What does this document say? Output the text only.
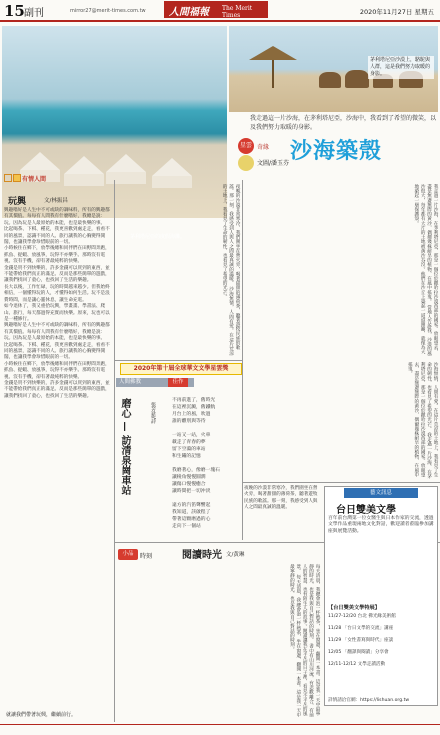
15 副刊	mirror27@merit-times.com.tw 人間福報 The Merit Times	2020年11月27日 星期五
茅利塔尼亞的度假海灘。
茅利塔尼亞沙漠上，駱駝與人群，這是我們努力取暖的身影。

我走過這一片沙海，在茅利塔尼亞，沙海中，我看到了希望的微笑，以及我們努力取暖的身影。

星雲 奇緣
文圖/潘玉芬 沙海築殼
我走過一片沙海，在茅利塔尼亞，那是一個位於撒哈拉沙漠西部的國家。放眼望去，盡是無邊無際的黃沙，偶爾幾株耐旱的植物，在風中搖曳。 當地人告訴我，沙漠的風沙很大，每年都有大片的土地被黃沙吞沒。他們在沙丘上築起一道道圍籬，就像為大地築起一層保護殼。
夜晚的沙漠非常寒冷，我們圍坐在營火旁，喝著甜甜的薄荷茶，聽著遊牧民族的歌謠。那一刻，我感受到人與人之間最真誠的溫暖。 沙海無情，人間有愛。在這片荒涼的土地上，我看見了生命的韌性，也看見了希望的光芒。
沙海無情，人間有愛。在這片荒涼的土地上，我看見了生命的韌性，也看見了希望的光芒。 我走過一片沙海，在茅利塔尼亞，那是一個位於撒哈拉沙漠西部的國家。放眼望去，盡是無邊無際的黃沙，偶爾幾株耐旱的植物，在風中搖曳。
有情人間
玩興	文/林振昌

興趣嗜好是人生中不可或缺的調味料，所有的興趣都有其價值。每每有人問我有什麼嗜好，我總是說：玩。因為玩是人最原始的本能，也是最快樂的事。

比起喝茶、下棋、種花，我更喜歡到處走走，看看不同的風景，認識不同的人。旅行讓我的心胸變得開闊，也讓我學會珍惜眼前的一切。

小時候住在鄉下，放學後總和同伴們在田野間奔跑，抓魚、捉蝦、放風箏，玩得不亦樂乎。那時沒有電視、沒有手機，卻有著最純粹的快樂。

金錢是買不到快樂的，許多金錢可以買到的東西，並不能帶給我們真正的滿足。反而是那些簡單的遊戲，讓我們找回了童心，也找回了生活的樂趣。

長大以後，工作忙碌，玩的時間越來越少。但我始終相信，一個懂得玩的人，才懂得如何生活。玩不是浪費時間，而是讓心靈休息，讓生命充電。

如今退休了，我又重拾玩興，學畫畫、學書法、爬山、旅行，每天都過得充實而快樂。原來，玩也可以是一種修行。

興趣嗜好是人生中不可或缺的調味料，所有的興趣都有其價值。每每有人問我有什麼嗜好，我總是說：玩。因為玩是人最原始的本能，也是最快樂的事。

比起喝茶、下棋、種花，我更喜歡到處走走，看看不同的風景，認識不同的人。旅行讓我的心胸變得開闊，也讓我學會珍惜眼前的一切。

小時候住在鄉下，放學後總和同伴們在田野間奔跑，抓魚、捉蝦、放風箏，玩得不亦樂乎。那時沒有電視、沒有手機，卻有著最純粹的快樂。

金錢是買不到快樂的，許多金錢可以買到的東西，並不能帶給我們真正的滿足。反而是那些簡單的遊戲，讓我們找回了童心，也找回了生活的樂趣。

就讓我們帶著玩興，繼續前行。
2020年第十屆全球華文文學星雲獎
人間佛教	佳作
磨心 — 訪清泉崗車站	張芳慈/詩
不再前進了，舊時光
在這裡沉澱，舊鐵軌
月台上的風，吹過
誰的離別與等待
一站又一站，火車
載走了青春的夢
留下空蕩的車站
和生鏽的記憶
我磨著心，像磨一塊石
讓稜角慢慢圓潤
讓傷口慢慢癒合
讓時間把一切沖淡
遠方的汽笛聲響起
我知道，該啟程了
帶著這顆磨過的心
走向下一個站

夜晚的沙漠非常寒冷，我們圍坐在營火旁，喝著甜甜的薄荷茶，聽著遊牧民族的歌謠。那一刻，我感受到人與人之間最真誠的溫暖。

小品	時刻	閱讀時光 文/黃琳
每天清晨，我總會泡一杯熱茶，坐在窗邊，翻開一本書。這是我一天中最寧靜的時光，也是我與自己對話的時刻。 書中有山川河流，有悲歡離合，有前人的智慧，也有陌生人的故事。閱讀讓我在平凡的日子裡，看見不平凡的風景。 每天清晨，我總會泡一杯熱茶，坐在窗邊，翻開一本書。這是我一天中最寧靜的時光，也是我與自己對話的時刻。
藝文訊息
台日雙美文學

百年前台灣第一位女醫生與日本作家的交流，透過文學作品重現兩地文化對話，歡迎讀者蒞臨參加講座與展覽活動。

【台日雙美文學特展】
11/27-12/20 台北 佛光緣美術館
11/28 「台日文學的交流」講座
11/29 「女性書寫與時代」座談
12/05 「翻譯與閱讀」分享會
12/11-12/12 文學走讀活動
詳情請洽官網：https://lishuan.org.tw
